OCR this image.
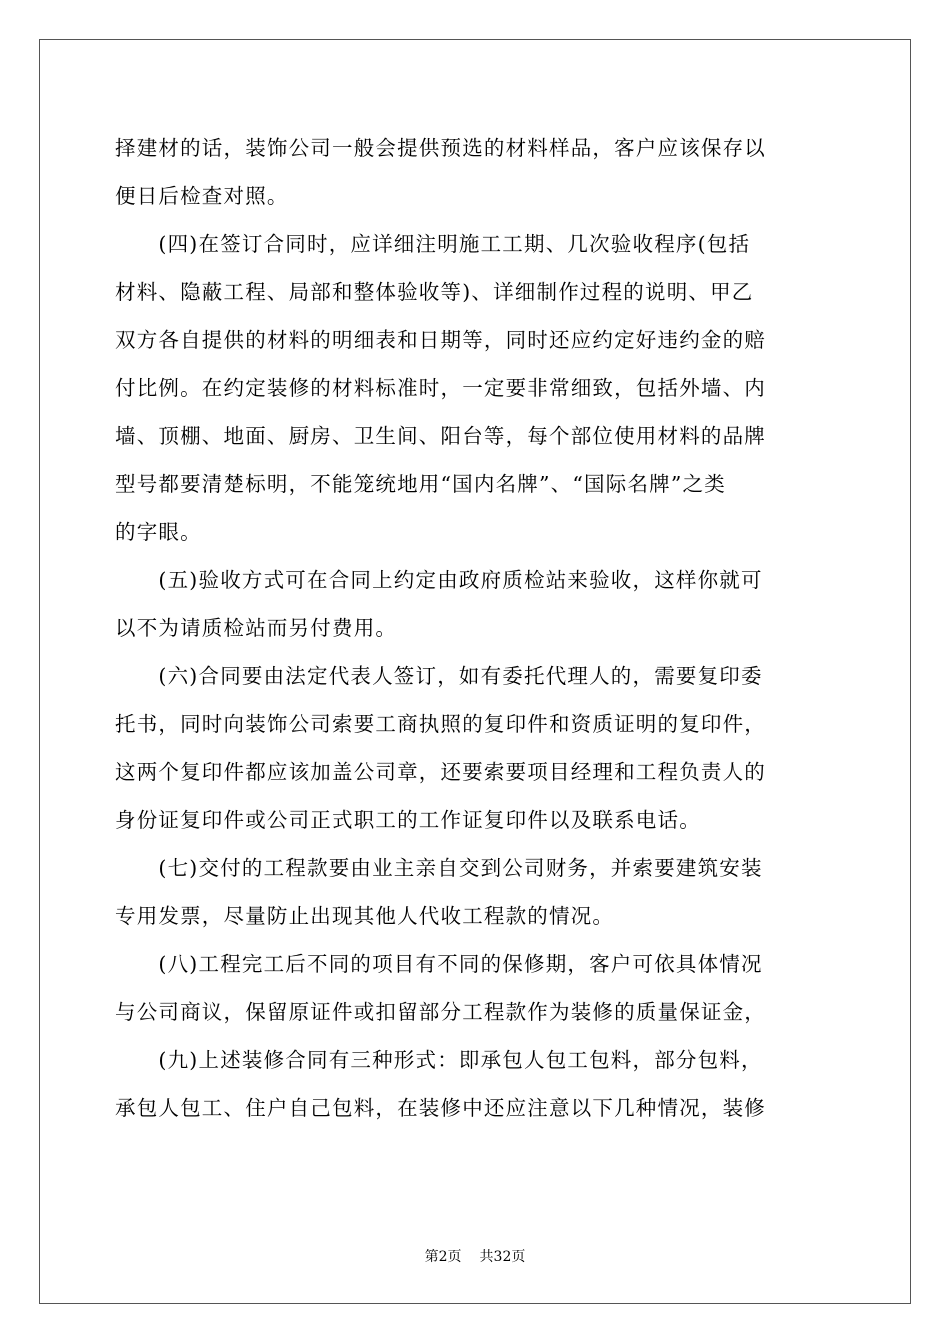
择建材的话，装饰公司一般会提供预选的材料样品，客户应该保存以
便日后检查对照。

　　(四)在签订合同时，应详细注明施工工期、几次验收程序(包括
材料、隐蔽工程、局部和整体验收等)、详细制作过程的说明、甲乙
双方各自提供的材料的明细表和日期等，同时还应约定好违约金的赔
付比例。在约定装修的材料标准时，一定要非常细致，包括外墙、内
墙、顶棚、地面、厨房、卫生间、阳台等，每个部位使用材料的品牌
型号都要清楚标明，不能笼统地用“国内名牌”、“国际名牌”之类
的字眼。

　　(五)验收方式可在合同上约定由政府质检站来验收，这样你就可
以不为请质检站而另付费用。

　　(六)合同要由法定代表人签订，如有委托代理人的，需要复印委
托书，同时向装饰公司索要工商执照的复印件和资质证明的复印件，
这两个复印件都应该加盖公司章，还要索要项目经理和工程负责人的
身份证复印件或公司正式职工的工作证复印件以及联系电话。

　　(七)交付的工程款要由业主亲自交到公司财务，并索要建筑安装
专用发票，尽量防止出现其他人代收工程款的情况。

　　(八)工程完工后不同的项目有不同的保修期，客户可依具体情况
与公司商议，保留原证件或扣留部分工程款作为装修的质量保证金，

　　(九)上述装修合同有三种形式：即承包人包工包料，部分包料，
承包人包工、住户自己包料，在装修中还应注意以下几种情况，装修

第2页 共32页
